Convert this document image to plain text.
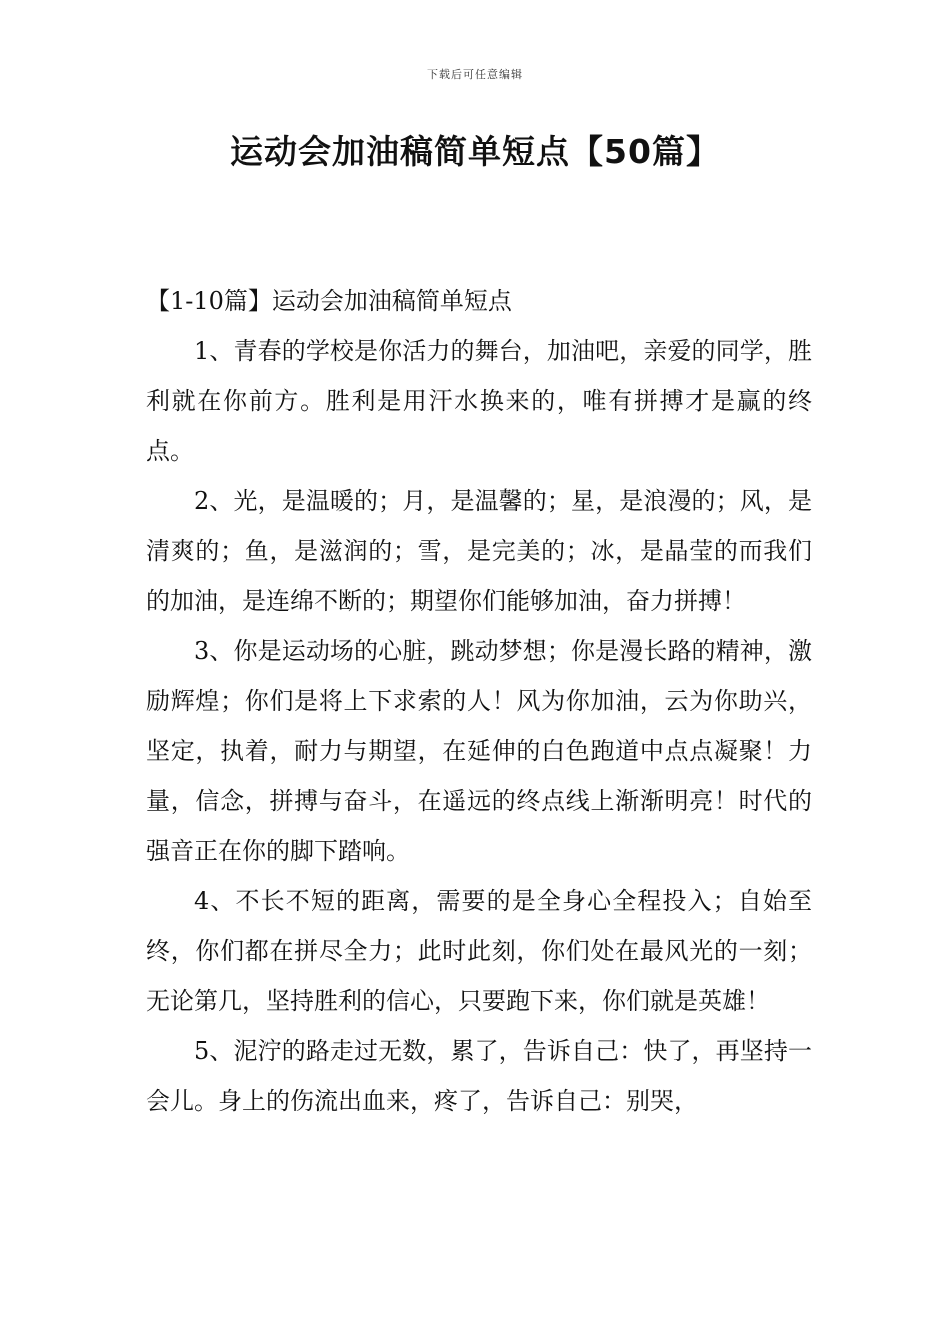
下载后可任意编辑
运动会加油稿简单短点【50篇】

【1-10篇】运动会加油稿简单短点

1、青春的学校是你活力的舞台，加油吧，亲爱的同学，胜利就在你前方。胜利是用汗水换来的，唯有拼搏才是赢的终点。

2、光，是温暖的；月，是温馨的；星，是浪漫的；风，是清爽的；鱼，是滋润的；雪，是完美的；冰，是晶莹的而我们的加油，是连绵不断的；期望你们能够加油，奋力拼搏！

3、你是运动场的心脏，跳动梦想；你是漫长路的精神，激励辉煌；你们是将上下求索的人！风为你加油，云为你助兴，坚定，执着，耐力与期望，在延伸的白色跑道中点点凝聚！力量，信念，拼搏与奋斗，在遥远的终点线上渐渐明亮！时代的强音正在你的脚下踏响。

4、不长不短的距离，需要的是全身心全程投入；自始至终，你们都在拼尽全力；此时此刻，你们处在最风光的一刻；无论第几，坚持胜利的信心，只要跑下来，你们就是英雄！

5、泥泞的路走过无数，累了，告诉自己：快了，再坚持一会儿。身上的伤流出血来，疼了，告诉自己：别哭，
